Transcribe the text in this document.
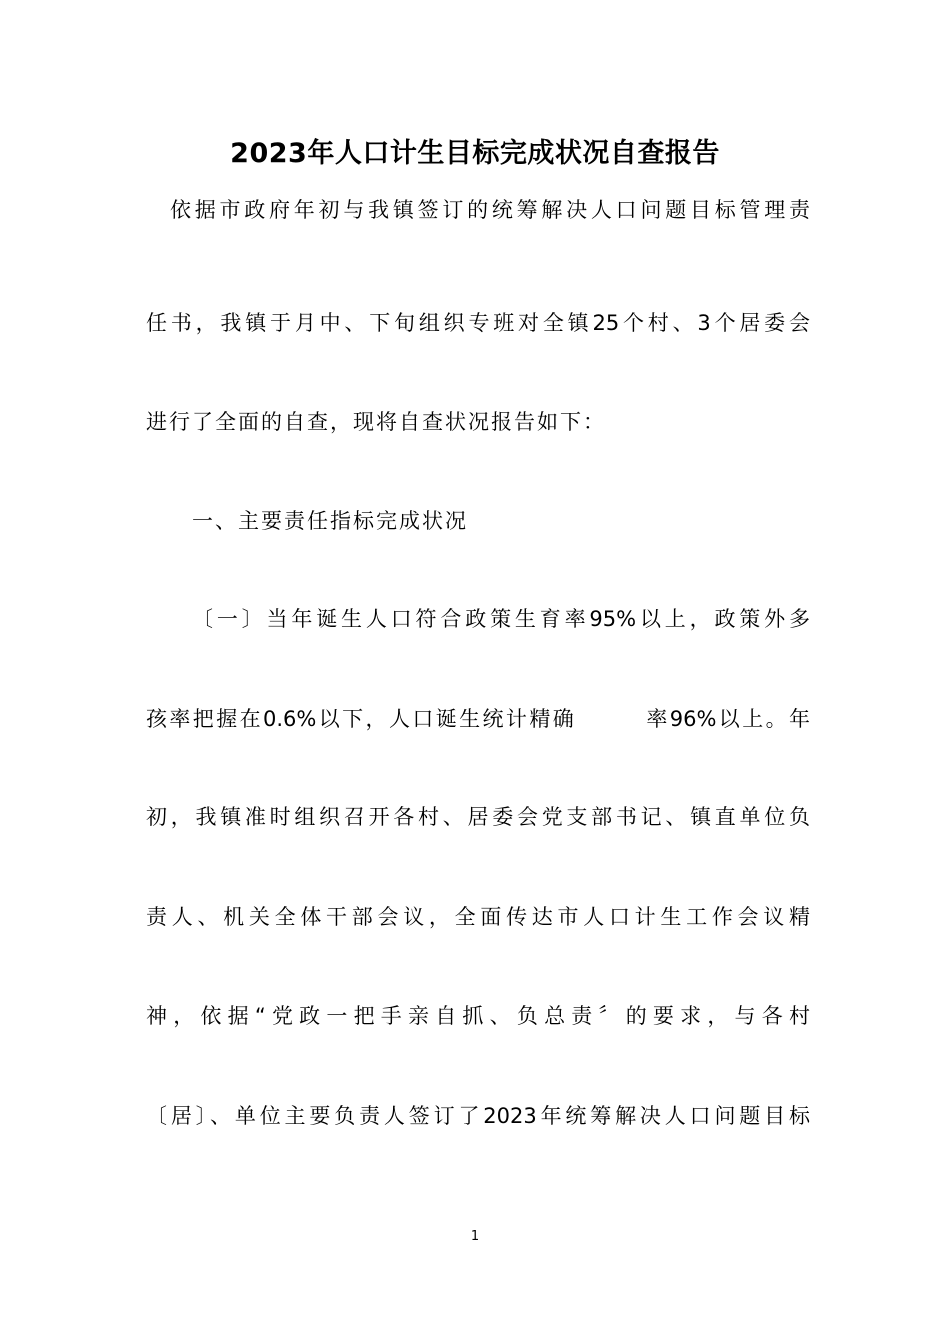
2023年人口计生目标完成状况自查报告
依据市政府年初与我镇签订的统筹解决人口问题目标管理责
任书，我镇于月中、下旬组织专班对全镇25个村、3个居委会
进行了全面的自查，现将自查状况报告如下：
一、主要责任指标完成状况
〔一〕当年诞生人口符合政策生育率95%以上，政策外多
孩率把握在0.6%以下，人口诞生统计精确　　　率96%以上。年
初，我镇准时组织召开各村、居委会党支部书记、镇直单位负
责人、机关全体干部会议，全面传达市人口计生工作会议精
神，依据“党政一把手亲自抓、负总责〞的要求，与各村
〔居〕、单位主要负责人签订了2023年统筹解决人口问题目标
1
